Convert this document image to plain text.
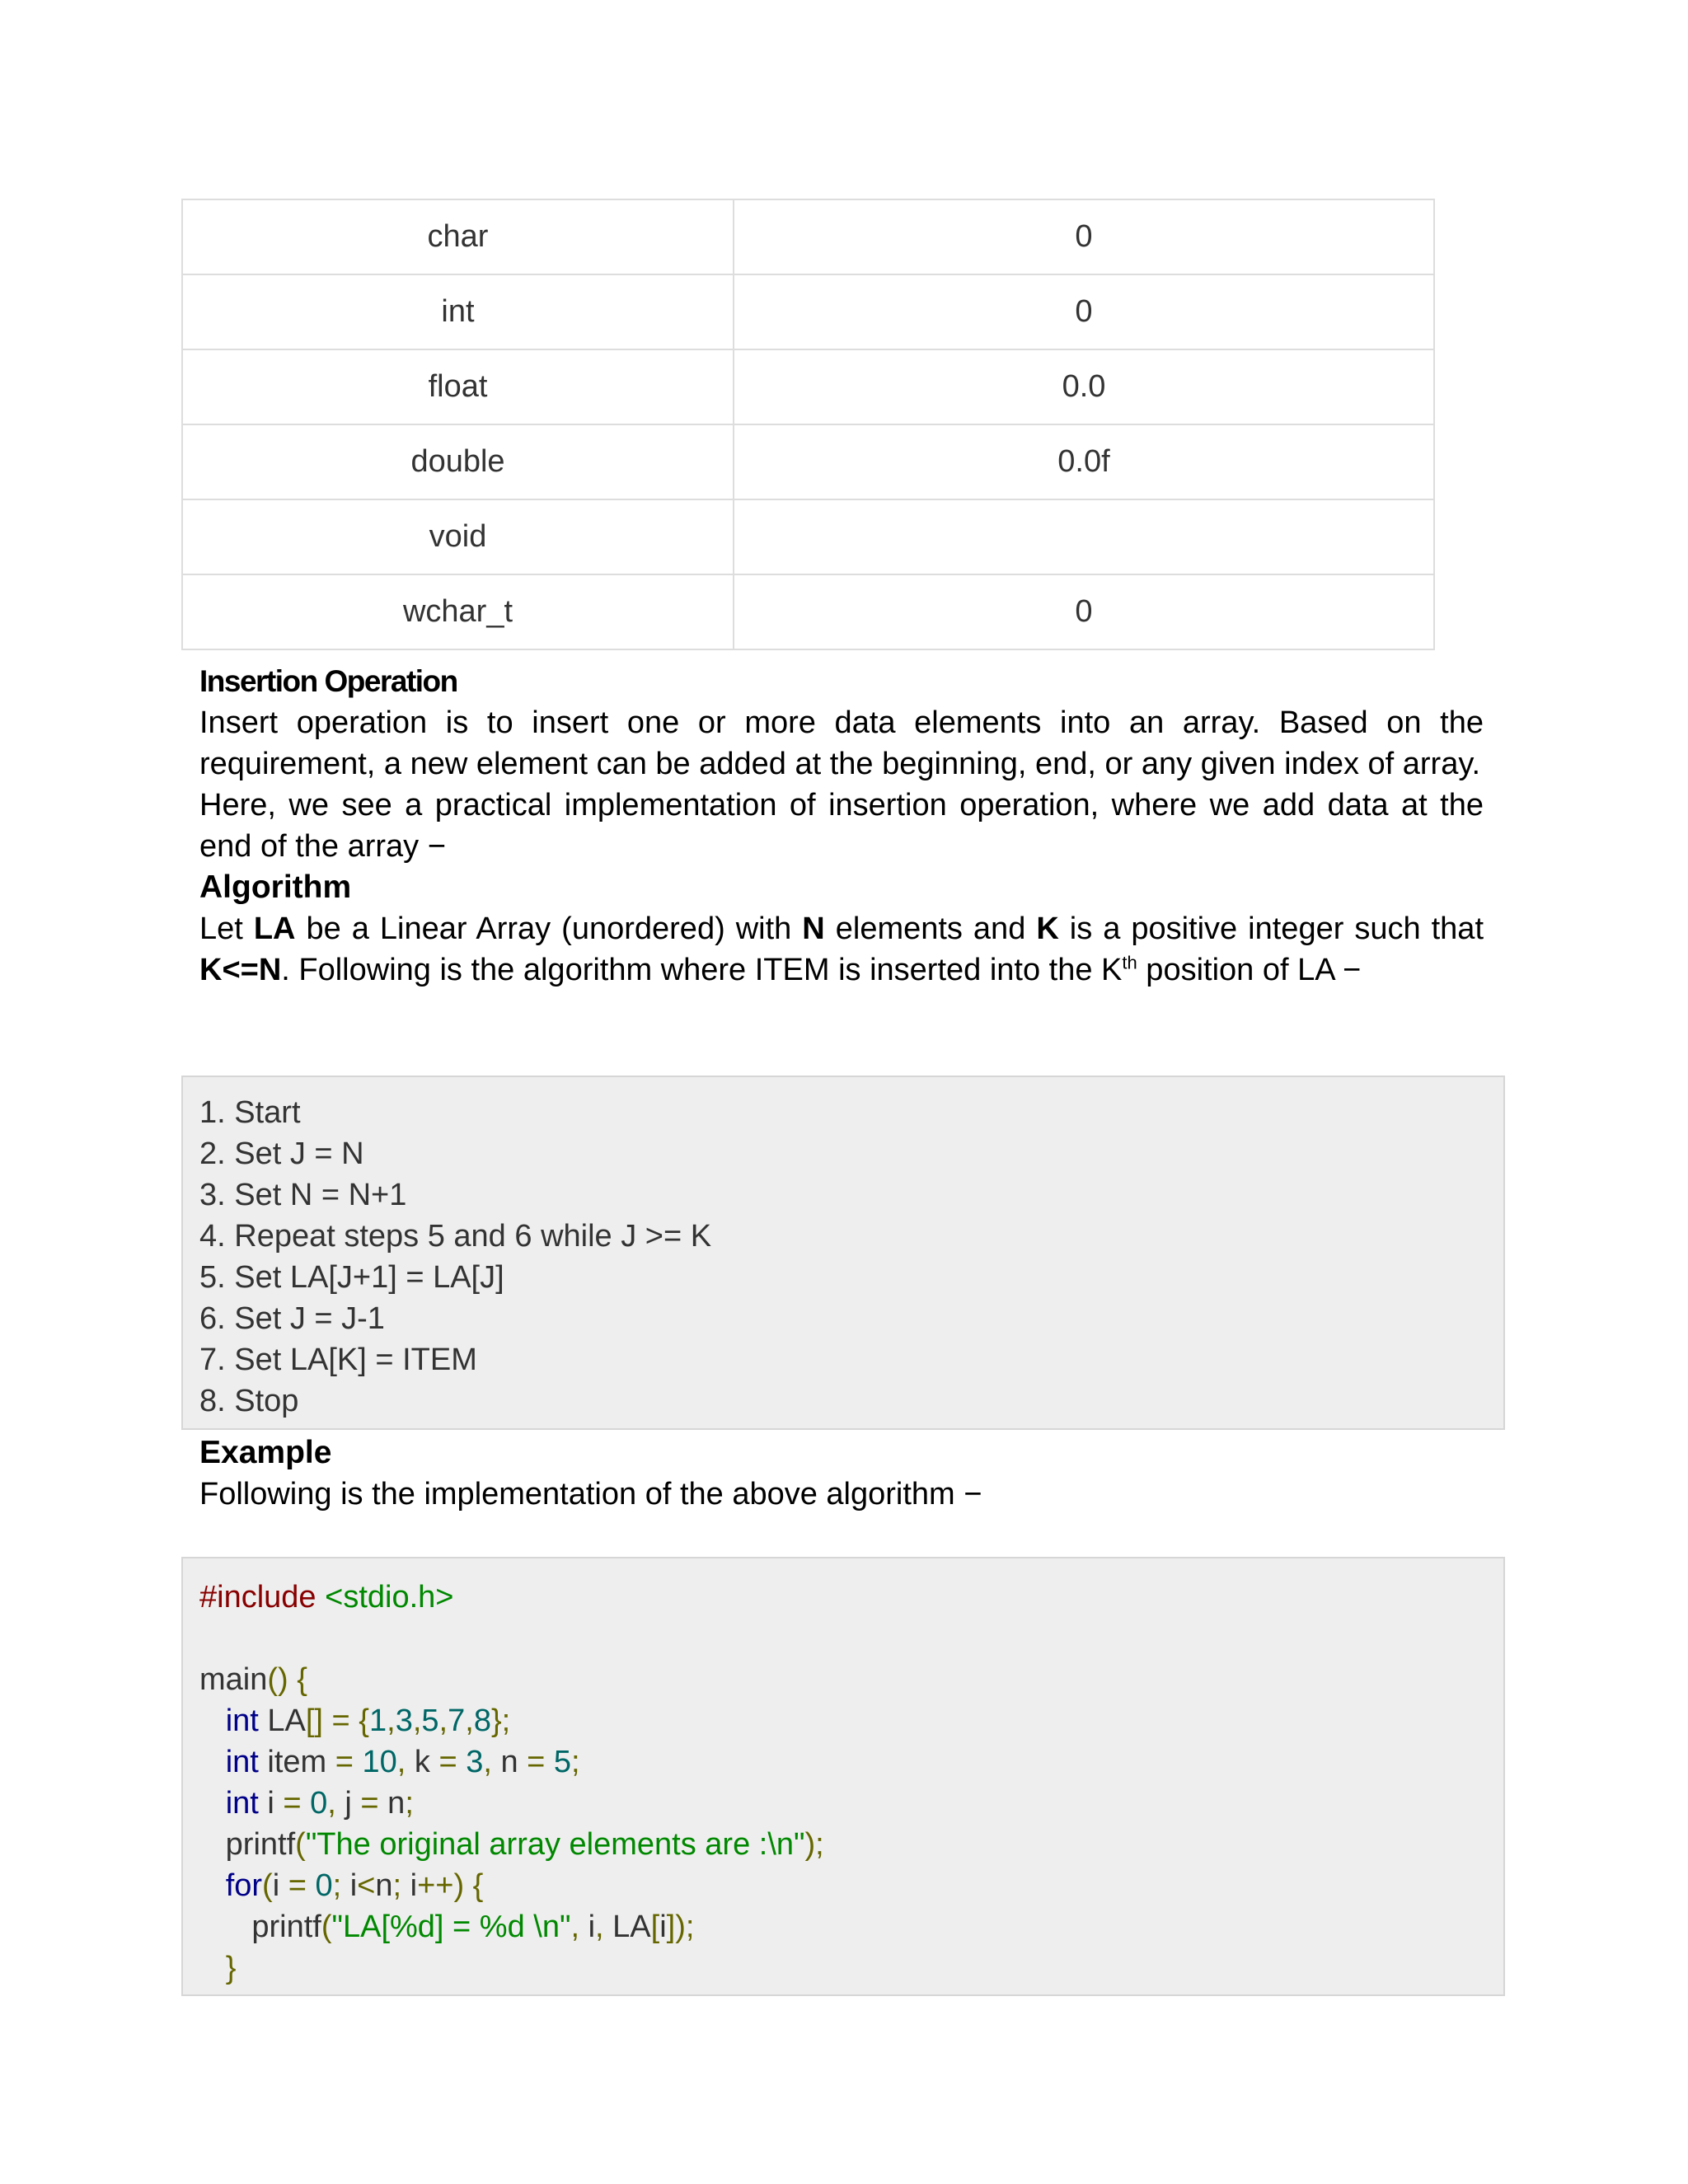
char	0
int	0
float	0.0
double	0.0f
void	
wchar_t	0
Insertion Operation

Insert operation is to insert one or more data elements into an array. Based on the requirement, a new element can be added at the beginning, end, or any given index of array.

Here, we see a practical implementation of insertion operation, where we add data at the end of the array −

Algorithm

Let LA be a Linear Array (unordered) with N elements and K is a positive integer such that K<=N. Following is the algorithm where ITEM is inserted into the $K^{th}$ position of LA −

1. Start
2. Set J = N
3. Set N = N+1
4. Repeat steps 5 and 6 while J >= K
5. Set LA[J+1] = LA[J]
6. Set J = J-1
7. Set LA[K] = ITEM
8. Stop
Example
Following is the implementation of the above algorithm −
#include <stdio.h>
main() {
int LA[] = {1,3,5,7,8};
int item = 10, k = 3, n = 5;
int i = 0, j = n;
printf("The original array elements are :\n");
for(i = 0; i<n; i++) {
printf("LA[%d] = %d \n", i, LA[i]);
}
